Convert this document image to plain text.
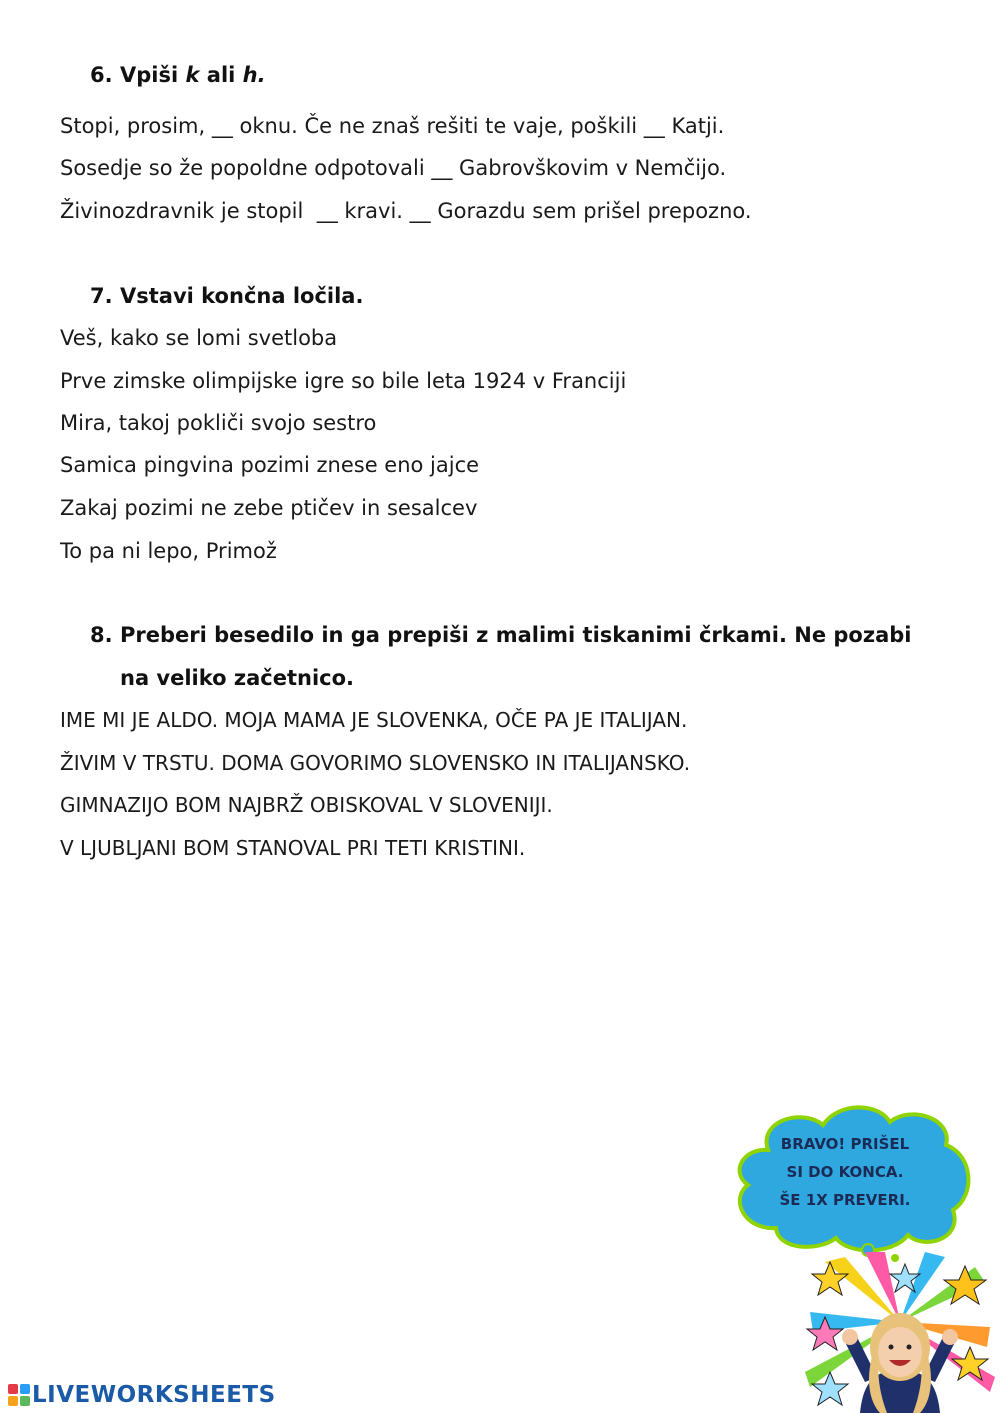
6. Vpiši k ali h.
Stopi, prosim, __ oknu. Če ne znaš rešiti te vaje, poškili __ Katji.
Sosedje so že popoldne odpotovali __ Gabrovškovim v Nemčijo.
Živinozdravnik je stopil  __ kravi. __ Gorazdu sem prišel prepozno.
7. Vstavi končna ločila.
Veš, kako se lomi svetloba
Prve zimske olimpijske igre so bile leta 1924 v Franciji
Mira, takoj pokliči svojo sestro
Samica pingvina pozimi znese eno jajce
Zakaj pozimi ne zebe ptičev in sesalcev
To pa ni lepo, Primož
8. Preberi besedilo in ga prepiši z malimi tiskanimi črkami. Ne pozabi
na veliko začetnico.
IME MI JE ALDO. MOJA MAMA JE SLOVENKA, OČE PA JE ITALIJAN.
ŽIVIM V TRSTU. DOMA GOVORIMO SLOVENSKO IN ITALIJANSKO.
GIMNAZIJO BOM NAJBRŽ OBISKOVAL V SLOVENIJI.
V LJUBLJANI BOM STANOVAL PRI TETI KRISTINI.
BRAVO! PRIŠEL
SI DO KONCA.
ŠE 1X PREVERI.
LIVEWORKSHEETS
